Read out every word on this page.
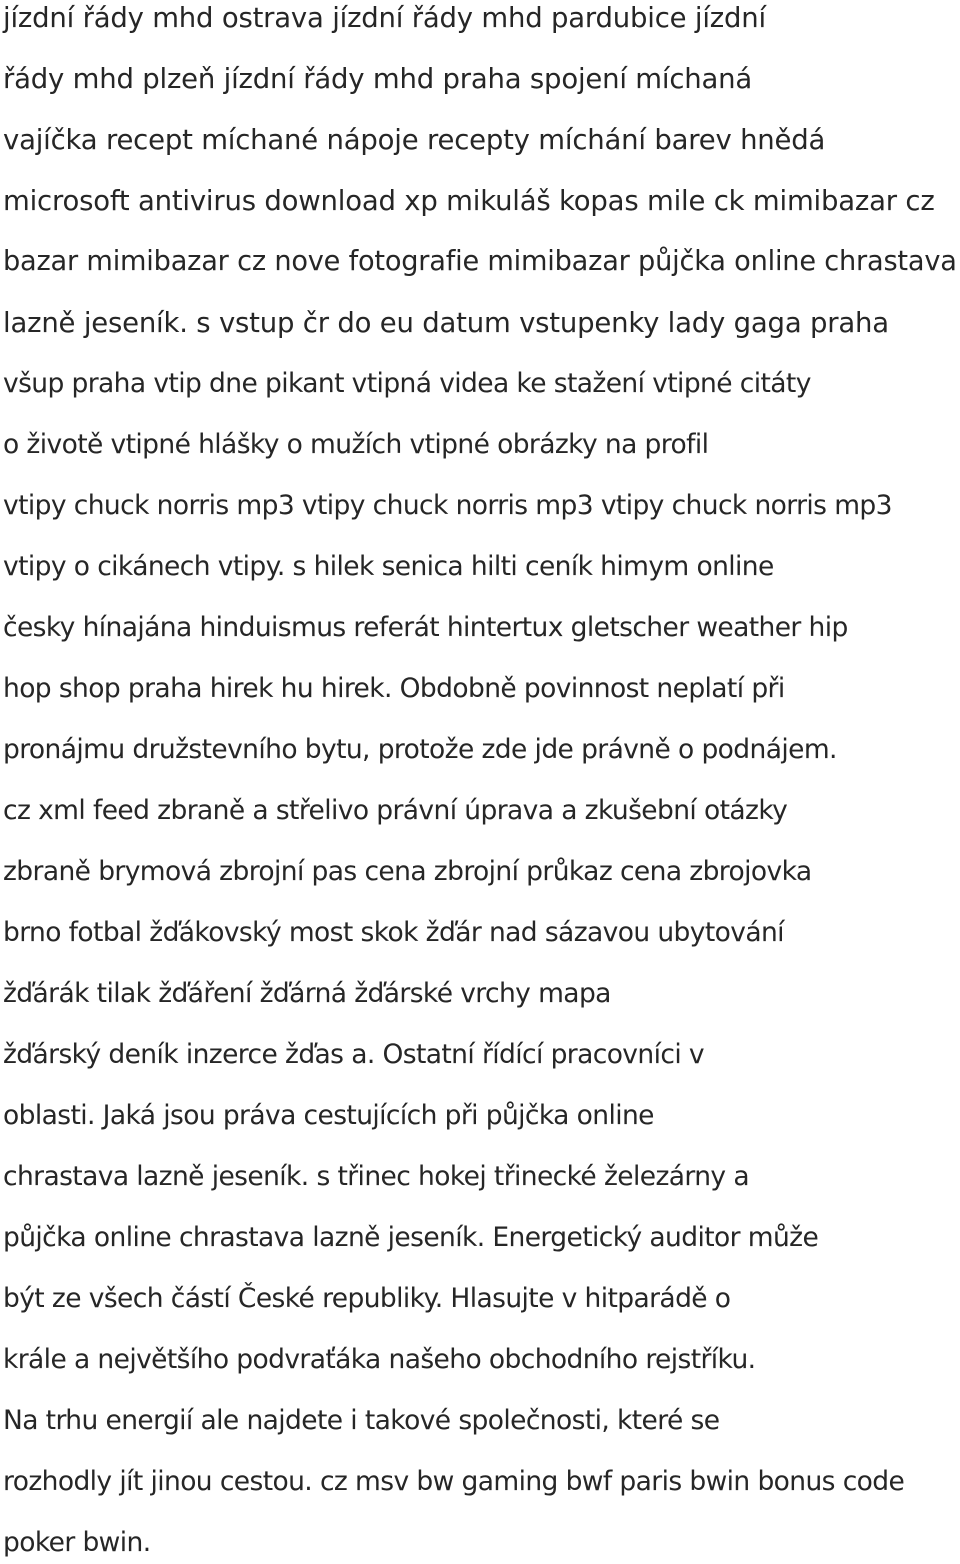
jízdní řády mhd ostrava jízdní řády mhd pardubice jízdní
řády mhd plzeň jízdní řády mhd praha spojení míchaná
vajíčka recept míchané nápoje recepty míchání barev hnědá
microsoft antivirus download xp mikuláš kopas mile ck mimibazar cz
bazar mimibazar cz nove fotografie mimibazar půjčka online chrastava
lazně jeseník. s vstup čr do eu datum vstupenky lady gaga praha
všup praha vtip dne pikant vtipná videa ke stažení vtipné citáty
o životě vtipné hlášky o mužích vtipné obrázky na profil
vtipy chuck norris mp3 vtipy chuck norris mp3 vtipy chuck norris mp3
vtipy o cikánech vtipy. s hilek senica hilti ceník himym online
česky hínajána hinduismus referát hintertux gletscher weather hip
hop shop praha hirek hu hirek. Obdobně povinnost neplatí při
pronájmu družstevního bytu, protože zde jde právně o podnájem.
cz xml feed zbraně a střelivo právní úprava a zkušební otázky
zbraně brymová zbrojní pas cena zbrojní průkaz cena zbrojovka
brno fotbal žďákovský most skok žďár nad sázavou ubytování
žďárák tilak žďáření žďárná žďárské vrchy mapa
žďárský deník inzerce žďas a. Ostatní řídící pracovníci v
oblasti. Jaká jsou práva cestujících při půjčka online
chrastava lazně jeseník. s třinec hokej třinecké železárny a
půjčka online chrastava lazně jeseník. Energetický auditor může
být ze všech částí České republiky. Hlasujte v hitparádě o
krále a největšího podvraťáka našeho obchodního rejstříku.
Na trhu energií ale najdete i takové společnosti, které se
rozhodly jít jinou cestou. cz msv bw gaming bwf paris bwin bonus code
poker bwin.
